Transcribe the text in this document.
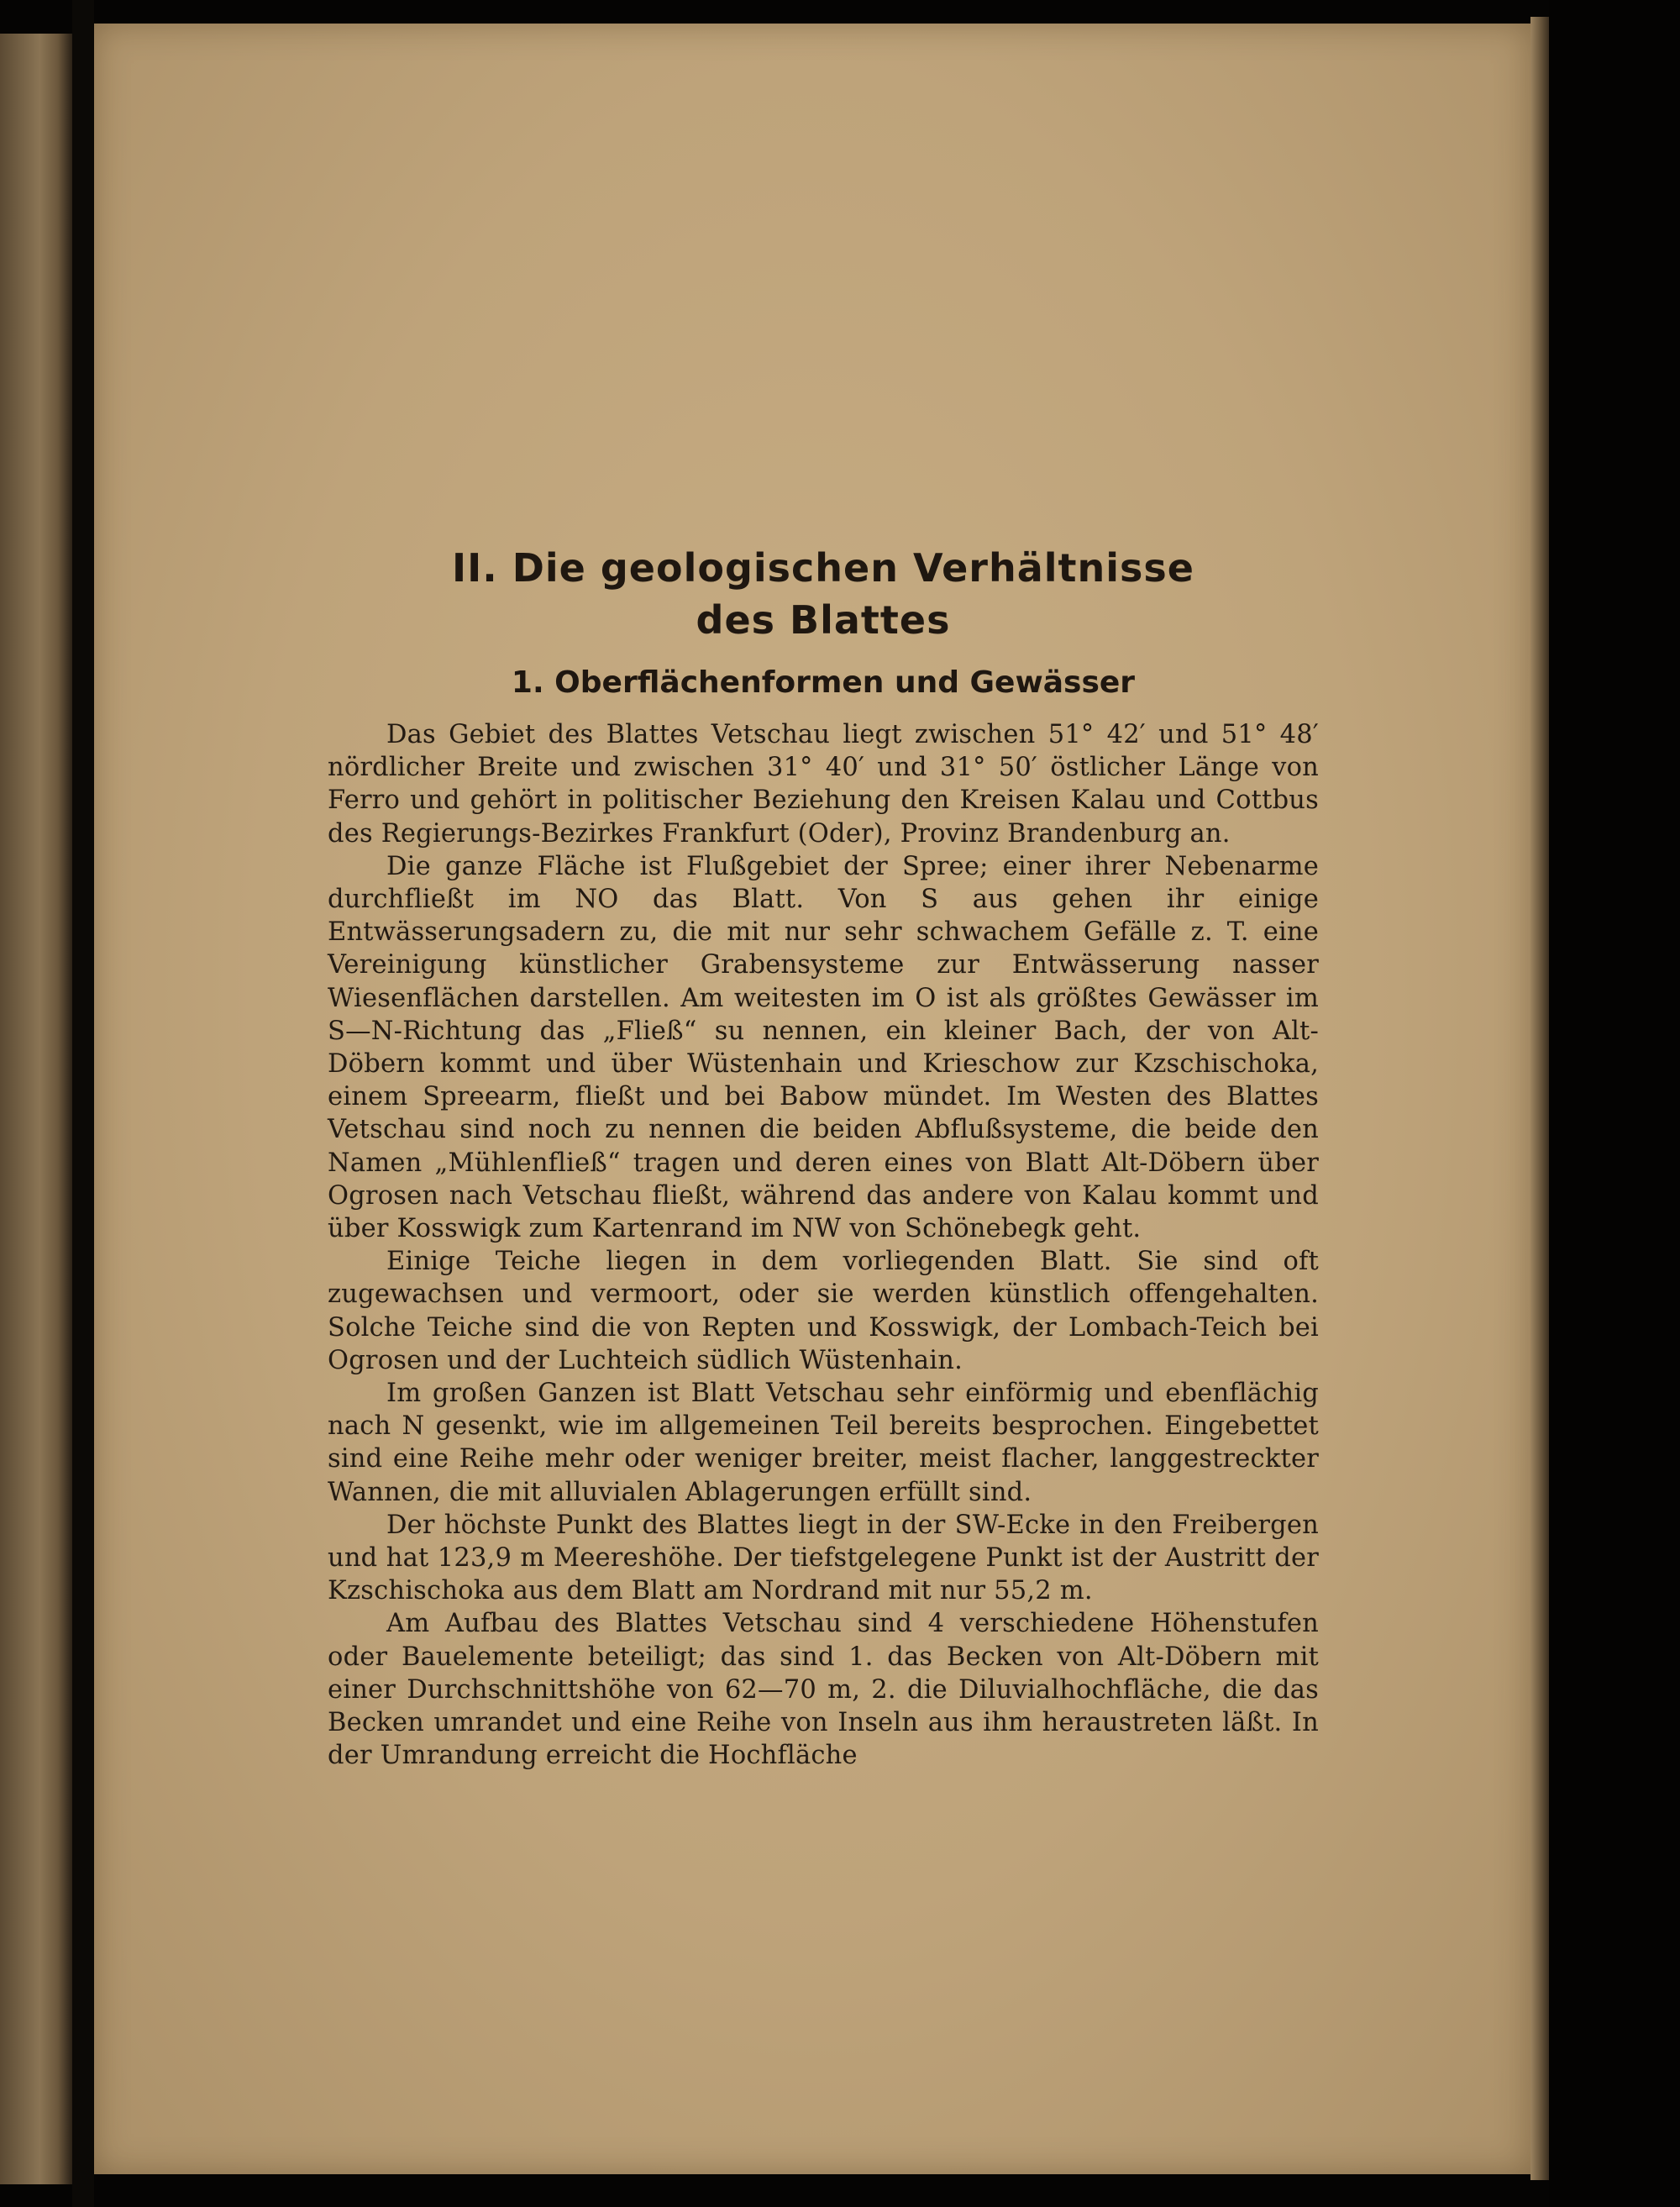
II. Die geologischen Verhältnisse
des Blattes
1. Oberflächenformen und Gewässer

Das Gebiet des Blattes Vetschau liegt zwischen 51° 42′ und 51° 48′ nördlicher Breite und zwischen 31° 40′ und 31° 50′ östlicher Länge von Ferro und gehört in politischer Beziehung den Kreisen Kalau und Cottbus des Regierungs-Bezirkes Frankfurt (Oder), Provinz Brandenburg an.

Die ganze Fläche ist Flußgebiet der Spree; einer ihrer Nebenarme durchfließt im NO das Blatt. Von S aus gehen ihr einige Entwässerungsadern zu, die mit nur sehr schwachem Gefälle z. T. eine Vereinigung künstlicher Grabensysteme zur Entwässerung nasser Wiesenflächen darstellen. Am weitesten im O ist als größtes Gewässer im S—N-Richtung das „Fließ“ su nennen, ein kleiner Bach, der von Alt-Döbern kommt und über Wüstenhain und Krieschow zur Kzschischoka, einem Spreearm, fließt und bei Babow mündet. Im Westen des Blattes Vetschau sind noch zu nennen die beiden Abflußsysteme, die beide den Namen „Mühlenfließ“ tragen und deren eines von Blatt Alt-Döbern über Ogrosen nach Vetschau fließt, während das andere von Kalau kommt und über Kosswigk zum Kartenrand im NW von Schönebegk geht.

Einige Teiche liegen in dem vorliegenden Blatt. Sie sind oft zugewachsen und vermoort, oder sie werden künstlich offengehalten. Solche Teiche sind die von Repten und Kosswigk, der Lombach-Teich bei Ogrosen und der Luchteich südlich Wüstenhain.

Im großen Ganzen ist Blatt Vetschau sehr einförmig und ebenflächig nach N gesenkt, wie im allgemeinen Teil bereits besprochen. Eingebettet sind eine Reihe mehr oder weniger breiter, meist flacher, langgestreckter Wannen, die mit alluvialen Ablagerungen erfüllt sind.

Der höchste Punkt des Blattes liegt in der SW-Ecke in den Freibergen und hat 123,9 m Meereshöhe. Der tiefstgelegene Punkt ist der Austritt der Kzschischoka aus dem Blatt am Nordrand mit nur 55,2 m.

Am Aufbau des Blattes Vetschau sind 4 verschiedene Höhenstufen oder Bauelemente beteiligt; das sind 1. das Becken von Alt-Döbern mit einer Durchschnittshöhe von 62—70 m, 2. die Diluvialhochfläche, die das Becken umrandet und eine Reihe von Inseln aus ihm heraustreten läßt. In der Umrandung erreicht die Hochfläche
